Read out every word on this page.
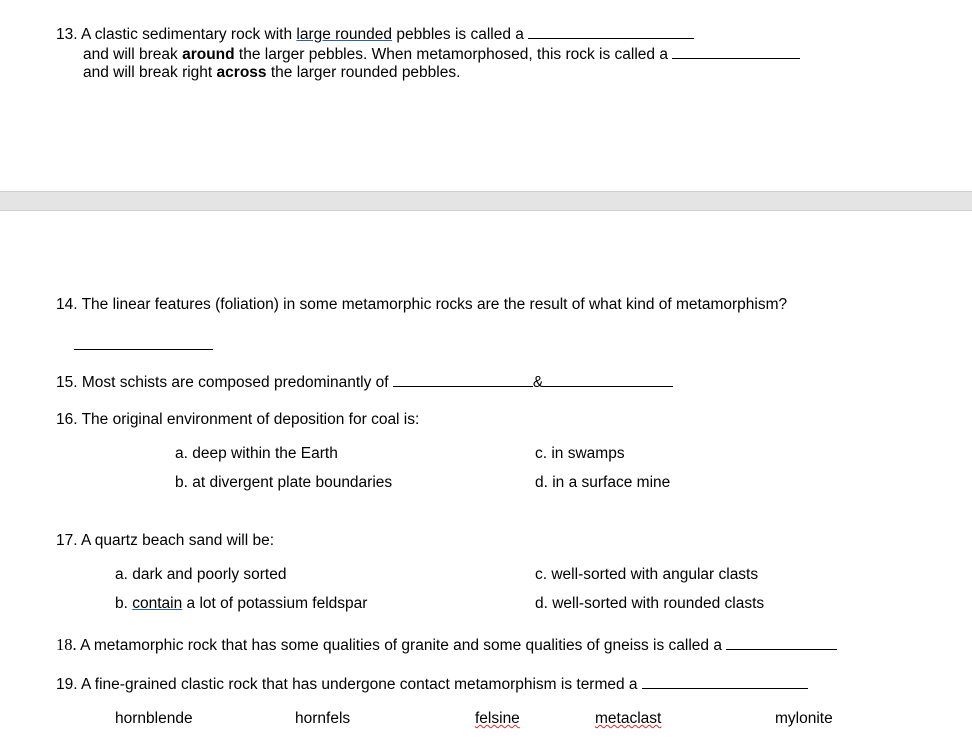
13. A clastic sedimentary rock with large rounded pebbles is called a
and will break around the larger pebbles. When metamorphosed, this rock is called a
and will break right across the larger rounded pebbles.
14. The linear features (foliation) in some metamorphic rocks are the result of what kind of metamorphism?
15. Most schists are composed predominantly of	&
16. The original environment of deposition for coal is:
a. deep within the Earth
b. at divergent plate boundaries
c. in swamps
d. in a surface mine
17. A quartz beach sand will be:
a. dark and poorly sorted
b. contain a lot of potassium feldspar
c. well-sorted with angular clasts
d. well-sorted with rounded clasts
18. A metamorphic rock that has some qualities of granite and some qualities of gneiss is called a
19. A fine-grained clastic rock that has undergone contact metamorphism is termed a
hornblende	hornfels	felsine	metaclast	mylonite
